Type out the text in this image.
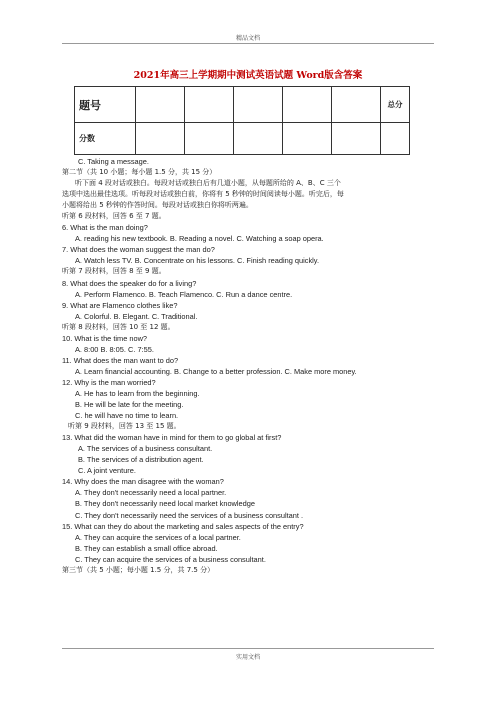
精品文档
2021年高三上学期期中测试英语试题 Word版含答案
题号						总分
分数						
C. Taking a message.
第二节（共 10 小题；每小题 1.5 分，共 15 分）
听下面 4 段对话或独白。每段对话或独白后有几道小题，从每题所给的 A、B、C 三个
选项中选出最佳选项。听每段对话或独白前，你将有 5 秒钟的时间阅读每小题。听完后，每
小题将给出 5 秒钟的作答时间。每段对话或独白你将听两遍。
听第 6 段材料，回答 6 至 7 题。
6. What is the man doing?
A. reading his new textbook. B. Reading a novel. C. Watching a soap opera.
7. What does the woman suggest the man do?
A. Watch less TV. B. Concentrate on his lessons. C. Finish reading quickly.
听第 7 段材料，回答 8 至 9 题。
8. What does the speaker do for a living?
A. Perform Flamenco. B. Teach Flamenco. C. Run a dance centre.
9. What are Flamenco clothes like?
A. Colorful. B. Elegant. C. Traditional.
听第 8 段材料，回答 10 至 12 题。
10. What is the time now?
A. 8:00 B. 8:05. C. 7:55.
11. What does the man want to do?
A. Learn financial accounting. B. Change to a better profession. C. Make more money.
12. Why is the man worried?
A. He has to learn from the beginning.
B. He will be late for the meeting.
C. he will have no time to learn.
听第 9 段材料，回答 13 至 15 题。
13. What did the woman have in mind for them to go global at first?
A. The services of a business consultant.
B. The services of a distribution agent.
C. A joint venture.
14. Why does the man disagree with the woman?
A. They don't necessarily need a local partner.
B. They don't necessarily need local market knowledge
C. They don't necessarily need the services of a business consultant .
15. What can they do about the marketing and sales aspects of the entry?
A. They can acquire the services of a local partner.
B. They can establish a small office abroad.
C. They can acquire the services of a business consultant.
第三节（共 5 小题；每小题 1.5 分，共 7.5 分）
实用文档
